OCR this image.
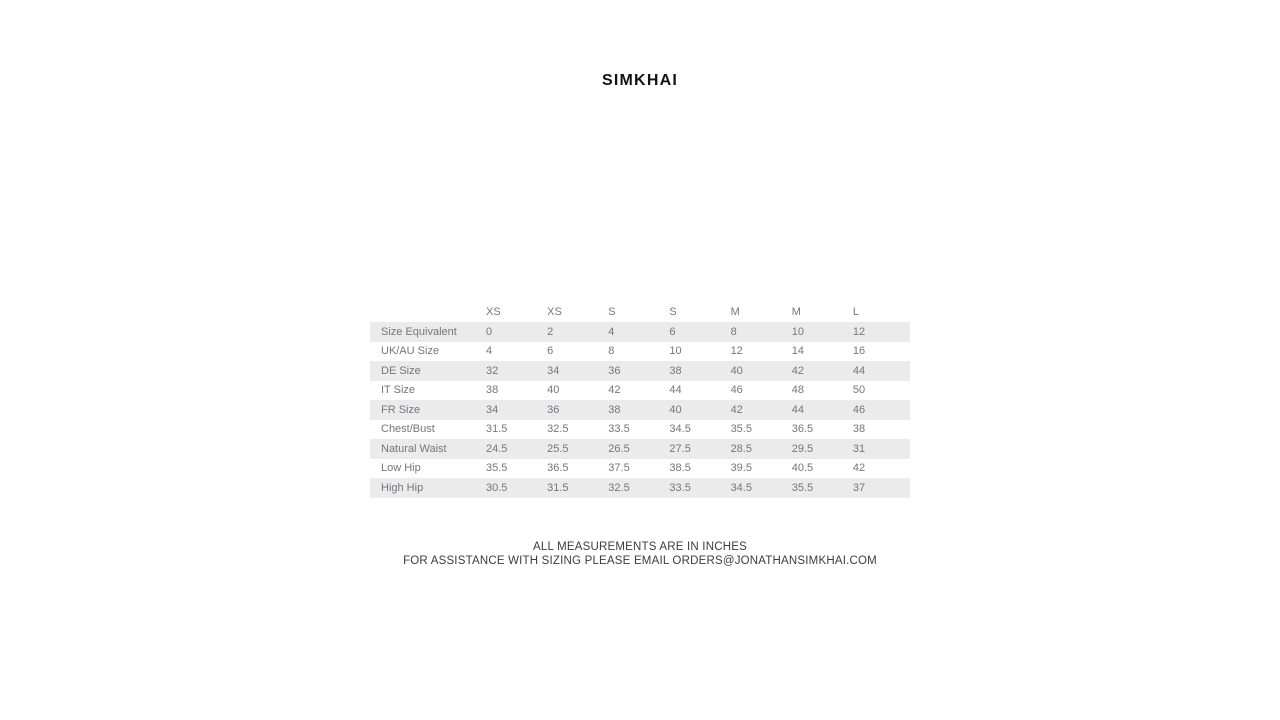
SIMKHAI
	XS	XS	S	S	M	M	L
Size Equivalent	0	2	4	6	8	10	12
UK/AU Size	4	6	8	10	12	14	16
DE Size	32	34	36	38	40	42	44
IT Size	38	40	42	44	46	48	50
FR Size	34	36	38	40	42	44	46
Chest/Bust	31.5	32.5	33.5	34.5	35.5	36.5	38
Natural Waist	24.5	25.5	26.5	27.5	28.5	29.5	31
Low Hip	35.5	36.5	37.5	38.5	39.5	40.5	42
High Hip	30.5	31.5	32.5	33.5	34.5	35.5	37
ALL MEASUREMENTS ARE IN INCHES
FOR ASSISTANCE WITH SIZING PLEASE EMAIL ORDERS@JONATHANSIMKHAI.COM
